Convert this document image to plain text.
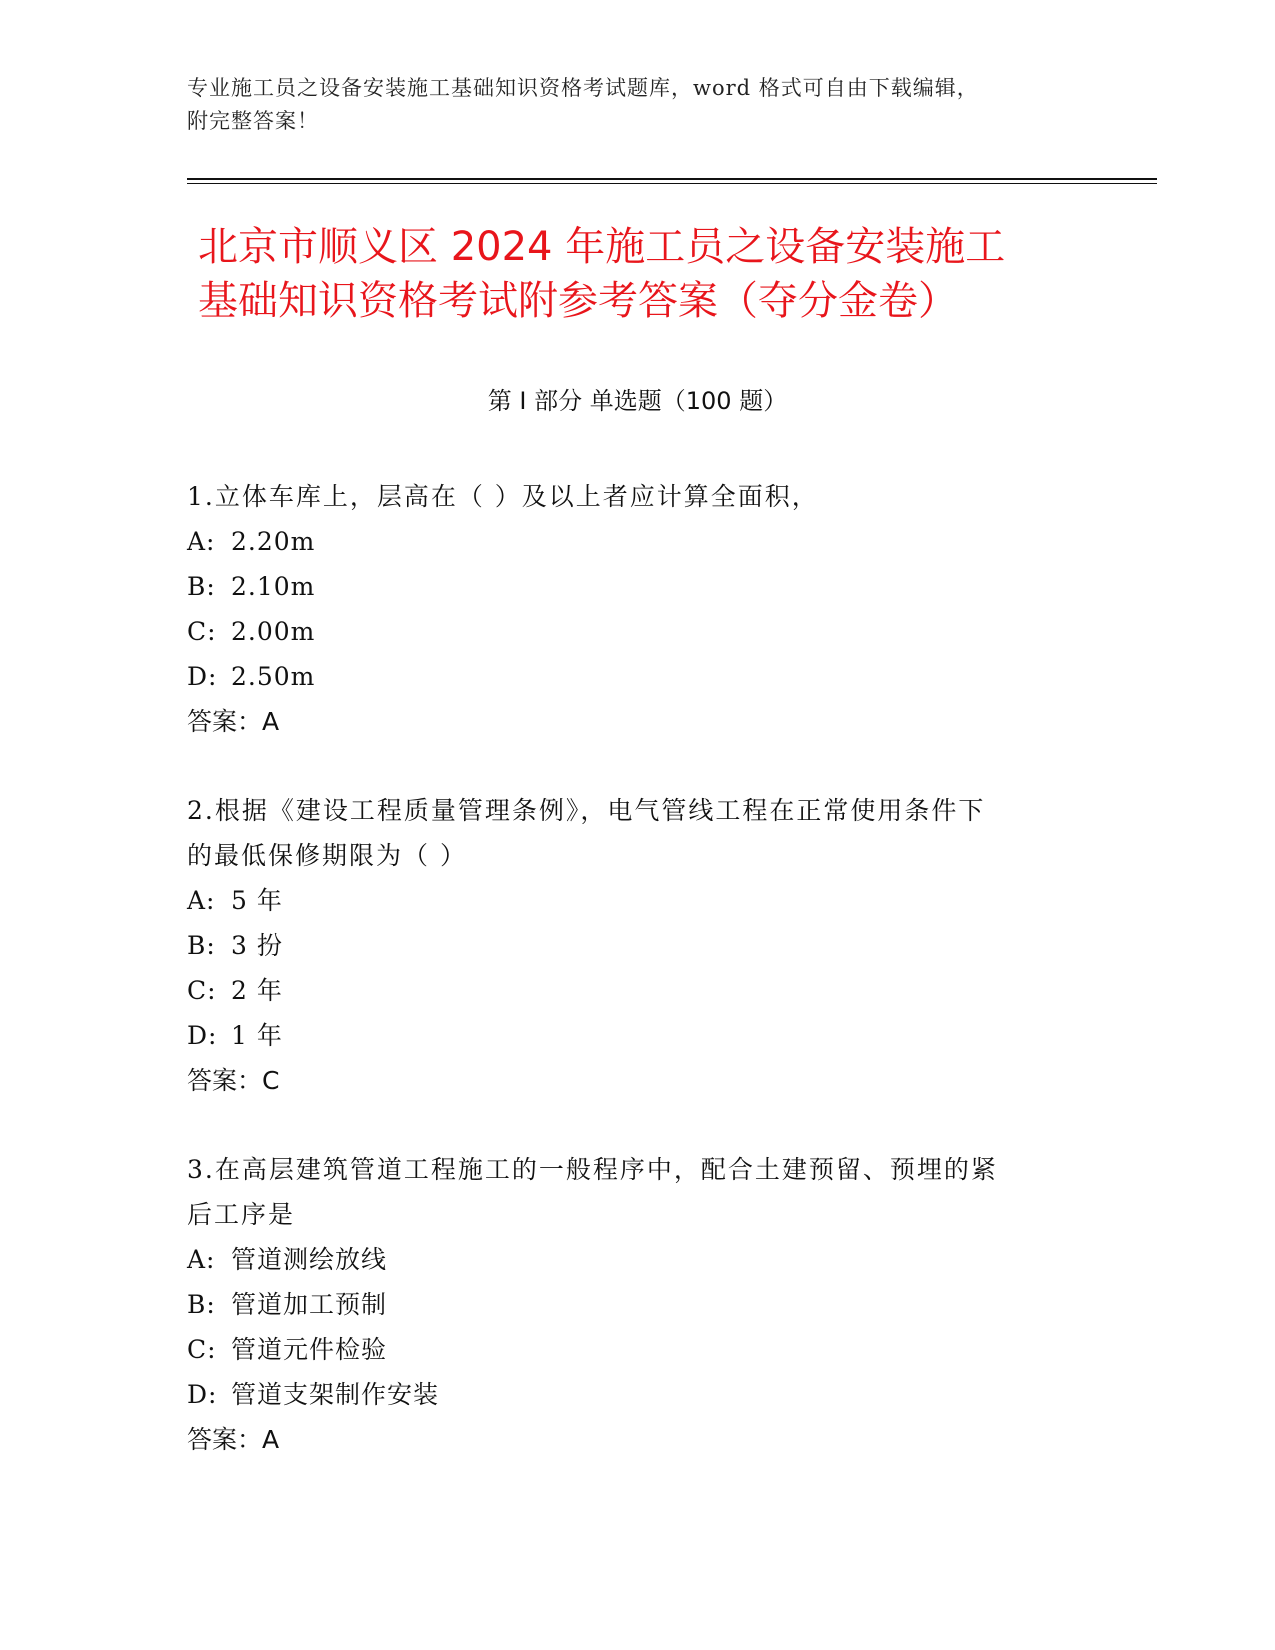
专业施工员之设备安装施工基础知识资格考试题库，word 格式可自由下载编辑，
附完整答案！
北京市顺义区 2024 年施工员之设备安装施工
基础知识资格考试附参考答案（夺分金卷）
第 I 部分 单选题（100 题）

1.立体车库上，层高在（ ）及以上者应计算全面积，

A: 2.20m

B: 2.10m

C: 2.00m

D: 2.50m

答案：A

2.根据《建设工程质量管理条例》，电气管线工程在正常使用条件下

的最低保修期限为（ ）

A: 5 年

B: 3 扮

C: 2 年

D: 1 年

答案：C

3.在高层建筑管道工程施工的一般程序中，配合土建预留、预埋的紧

后工序是

A: 管道测绘放线

B: 管道加工预制

C: 管道元件检验

D: 管道支架制作安装

答案：A
